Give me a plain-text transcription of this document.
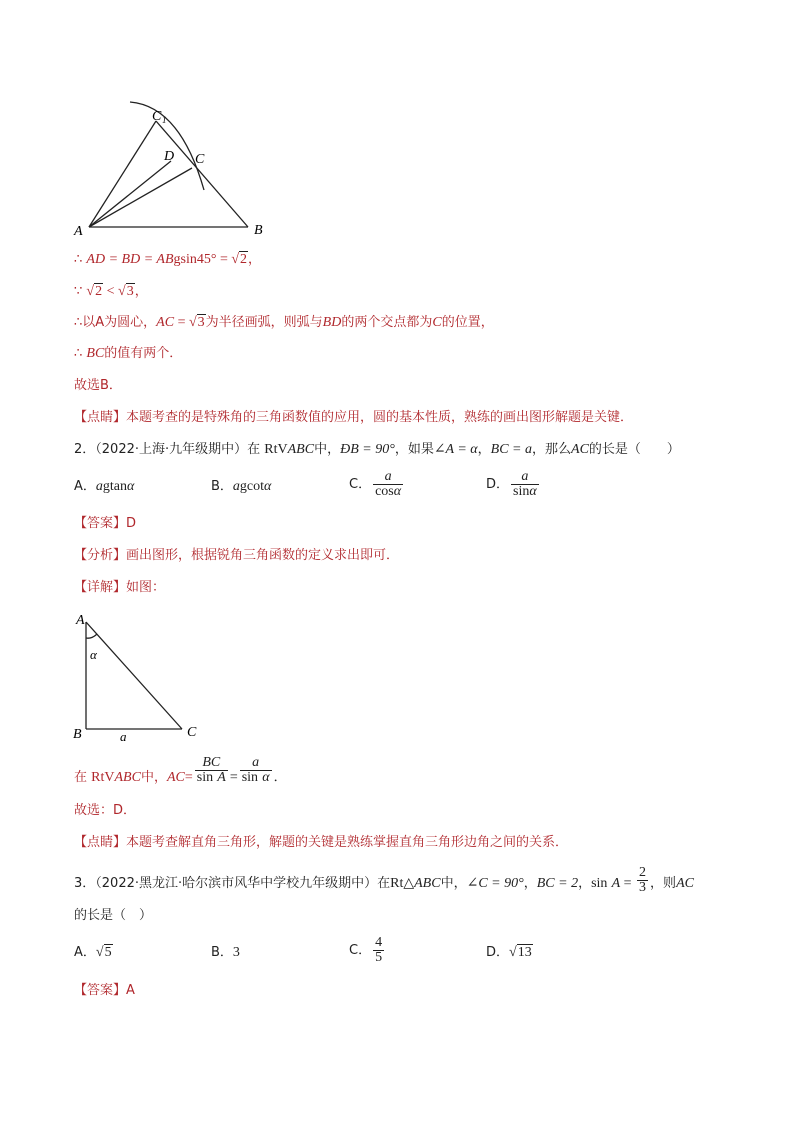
A	B
C 1
D C
∴ AD = BD = ABgsin45° = √2，
∵ √2 < √3，
∴以A为圆心，AC = √3为半径画弧，则弧与BD的两个交点都为C的位置，
∴ BC的值有两个．
故选B．
【点睛】本题考查的是特殊角的三角函数值的应用，圆的基本性质，熟练的画出图形解题是关键．
2．（2022·上海·九年级期中）在 RtVABC中，ÐB = 90°，如果∠A = α，BC = a，那么AC的长是（　　）
A．agtanα	B．agcotα	C． $\frac{a}{\cos\alpha}$	D． $\frac{a}{\sin\alpha}$
【答案】D
【分析】画出图形，根据锐角三角函数的定义求出即可．
【详解】如图：
A
B	C
α
a
在 RtVABC中，$AC= \frac{BC}{\text{sin A}} = \frac{a}{\text{sin α}}$ ．
故选：D．
【点睛】本题考查解直角三角形，解题的关键是熟练掌握直角三角形边角之间的关系．
3．（2022·黑龙江·哈尔滨市风华中学校九年级期中）在Rt△ABC中，∠C = 90°，BC = 2，$\sin A = \frac{2}{3}$ ，则AC
的长是（　）
A．√5	B．3	C． $\frac{4}{5}$	D．√13
【答案】A
